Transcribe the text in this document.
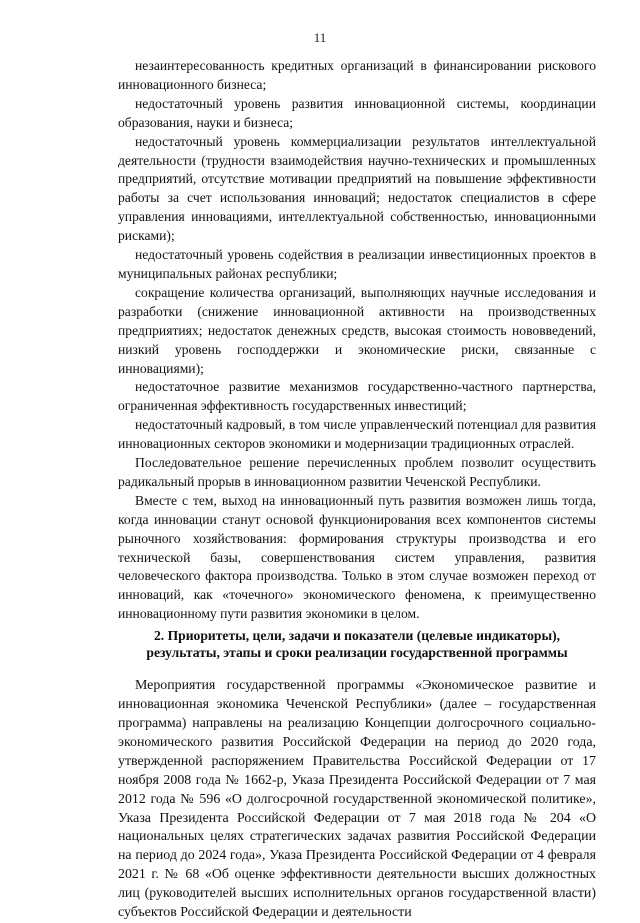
11

незаинтересованность кредитных организаций в финансировании рискового инновационного бизнеса;

недостаточный уровень развития инновационной системы, координации образования, науки и бизнеса;

недостаточный уровень коммерциализации результатов интеллектуальной деятельности (трудности взаимодействия научно-технических и промышленных предприятий, отсутствие мотивации предприятий на повышение эффективности работы за счет использования инноваций; недостаток специалистов в сфере управления инновациями, интеллектуальной собственностью, инновационными рисками);

недостаточный уровень содействия в реализации инвестиционных проектов в муниципальных районах республики;

сокращение количества организаций, выполняющих научные исследования и разработки (снижение инновационной активности на производственных предприятиях; недостаток денежных средств, высокая стоимость нововведений, низкий уровень господдержки и экономические риски, связанные с инновациями);

недостаточное развитие механизмов государственно-частного партнерства, ограниченная эффективность государственных инвестиций;

недостаточный кадровый, в том числе управленческий потенциал для развития инновационных секторов экономики и модернизации традиционных отраслей.

Последовательное решение перечисленных проблем позволит осуществить радикальный прорыв в инновационном развитии Чеченской Республики.

Вместе с тем, выход на инновационный путь развития возможен лишь тогда, когда инновации станут основой функционирования всех компонентов системы рыночного хозяйствования: формирования структуры производства и его технической базы, совершенствования систем управления, развития человеческого фактора производства. Только в этом случае возможен переход от инноваций, как «точечного» экономического феномена, к преимущественно инновационному пути развития экономики в целом.

2. Приоритеты, цели, задачи и показатели (целевые индикаторы), результаты, этапы и сроки реализации государственной программы

Мероприятия государственной программы «Экономическое развитие и инновационная экономика Чеченской Республики» (далее – государственная программа) направлены на реализацию Концепции долгосрочного социально-экономического развития Российской Федерации на период до 2020 года, утвержденной распоряжением Правительства Российской Федерации от 17 ноября 2008 года № 1662-р, Указа Президента Российской Федерации от 7 мая 2012 года № 596 «О долгосрочной государственной экономической политике», Указа Президента Российской Федерации от 7 мая 2018 года № 204 «О национальных целях стратегических задачах развития Российской Федерации на период до 2024 года», Указа Президента Российской Федерации от 4 февраля 2021 г. № 68 «Об оценке эффективности деятельности высших должностных лиц (руководителей высших исполнительных органов государственной власти) субъектов Российской Федерации и деятельности
